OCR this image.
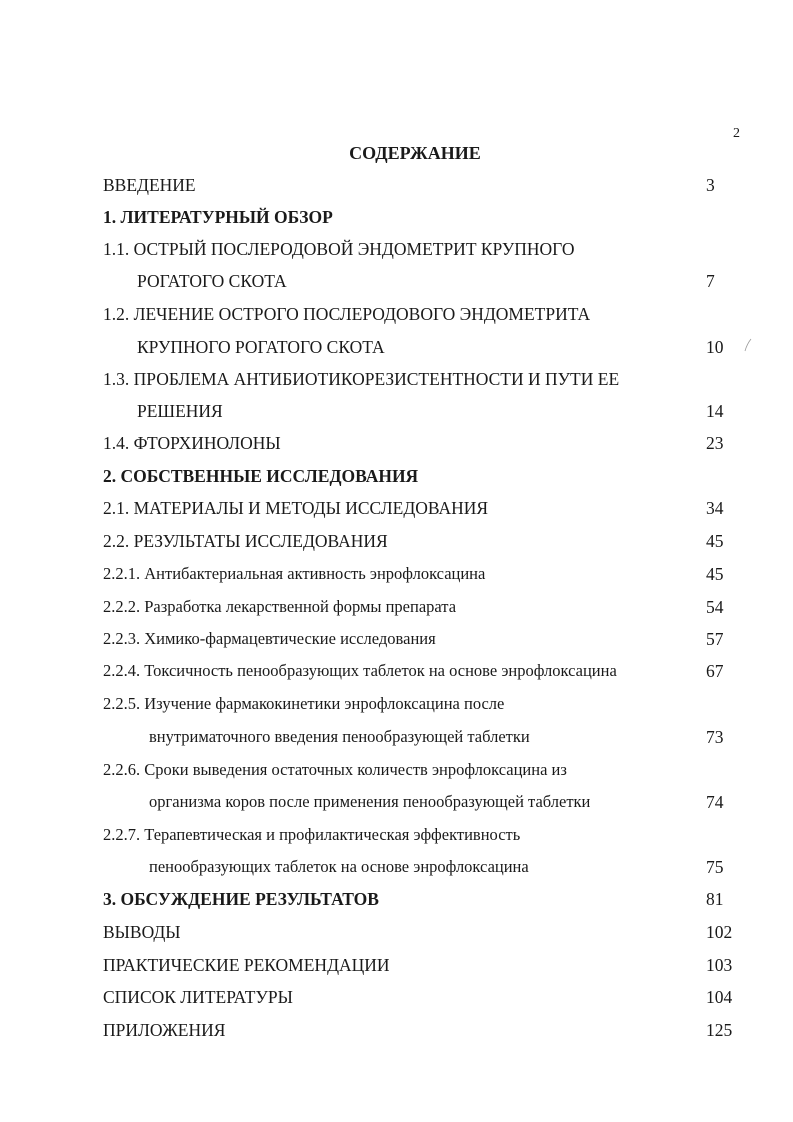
2
СОДЕРЖАНИЕ
ВВЕДЕНИЕ	3
1. ЛИТЕРАТУРНЫЙ ОБЗОР
1.1. ОСТРЫЙ ПОСЛЕРОДОВОЙ ЭНДОМЕТРИТ КРУПНОГО
РОГАТОГО СКОТА	7
1.2. ЛЕЧЕНИЕ ОСТРОГО ПОСЛЕРОДОВОГО ЭНДОМЕТРИТА
КРУПНОГО РОГАТОГО СКОТА	10
1.3. ПРОБЛЕМА АНТИБИОТИКОРЕЗИСТЕНТНОСТИ И ПУТИ ЕЕ
РЕШЕНИЯ	14
1.4. ФТОРХИНОЛОНЫ	23
2. СОБСТВЕННЫЕ ИССЛЕДОВАНИЯ
2.1. МАТЕРИАЛЫ И МЕТОДЫ ИССЛЕДОВАНИЯ	34
2.2. РЕЗУЛЬТАТЫ ИССЛЕДОВАНИЯ	45
2.2.1. Антибактериальная активность энрофлоксацина	45
2.2.2. Разработка лекарственной формы препарата	54
2.2.3. Химико-фармацевтические исследования	57
2.2.4. Токсичность пенообразующих таблеток на основе энрофлоксацина	67
2.2.5. Изучение фармакокинетики энрофлоксацина после
внутриматочного введения пенообразующей таблетки	73
2.2.6. Сроки выведения остаточных количеств энрофлоксацина из
организма коров после применения пенообразующей таблетки	74
2.2.7. Терапевтическая и профилактическая эффективность
пенообразующих таблеток на основе энрофлоксацина	75
3. ОБСУЖДЕНИЕ РЕЗУЛЬТАТОВ	81
ВЫВОДЫ	102
ПРАКТИЧЕСКИЕ РЕКОМЕНДАЦИИ	103
СПИСОК ЛИТЕРАТУРЫ	104
ПРИЛОЖЕНИЯ	125
